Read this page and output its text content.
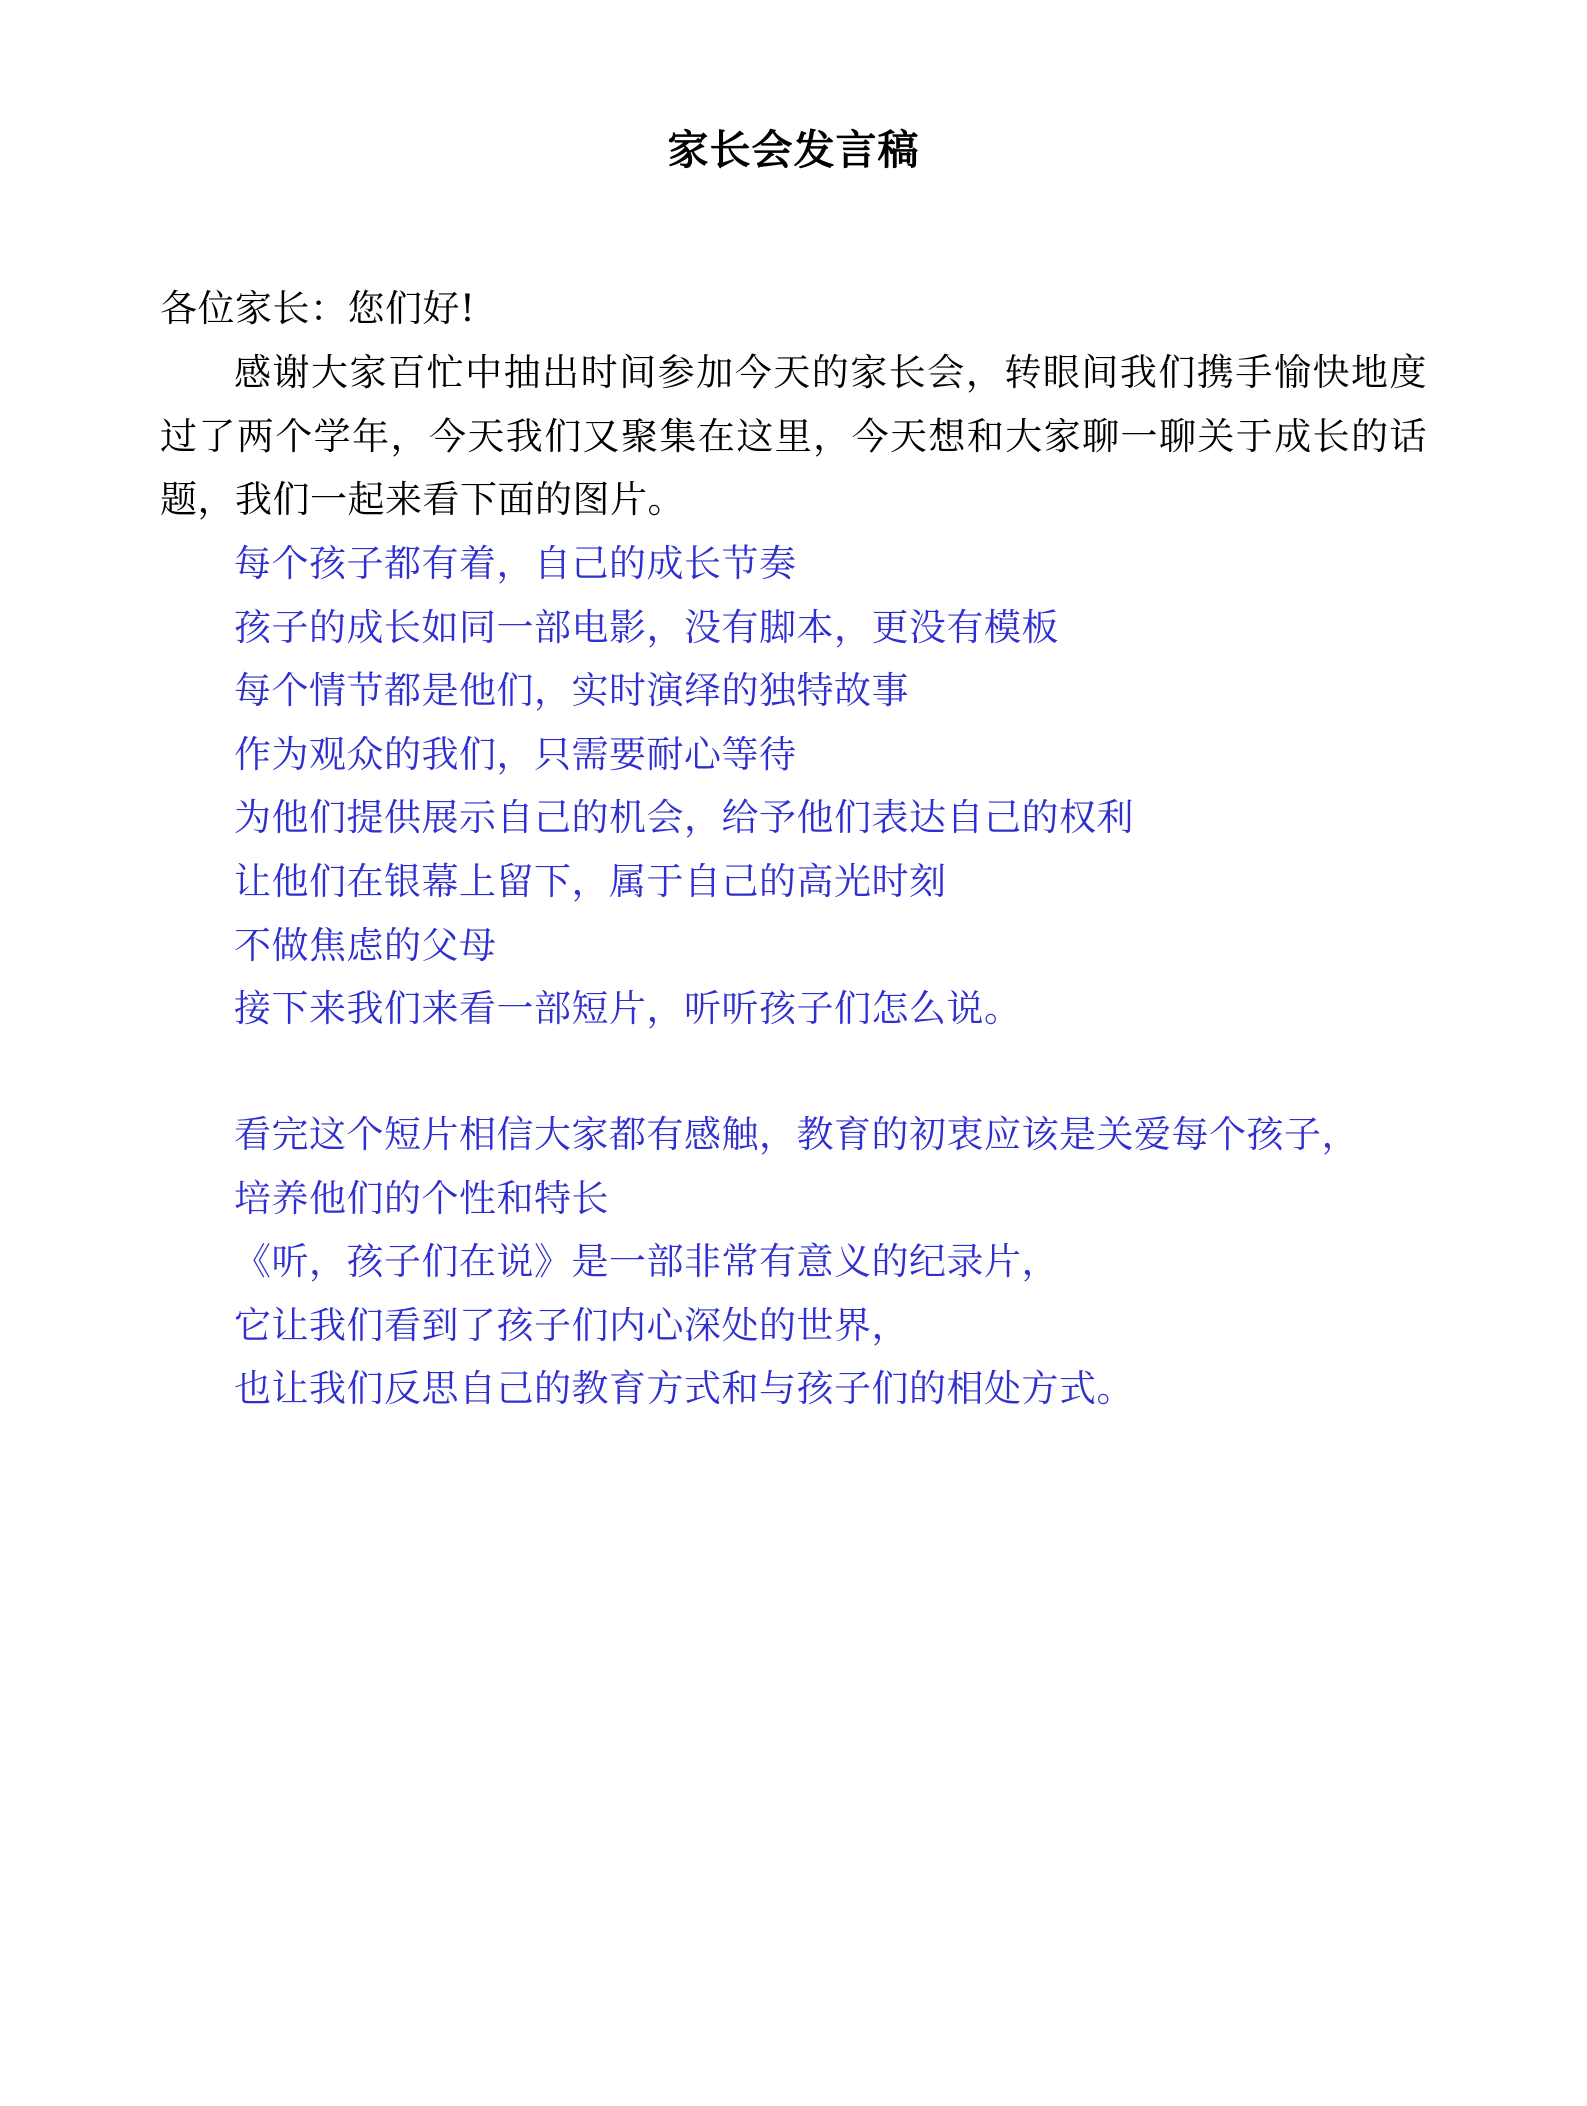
家长会发言稿

各位家长：您们好!

感谢大家百忙中抽出时间参加今天的家长会，转眼间我们携手愉快地度过了两个学年，今天我们又聚集在这里，今天想和大家聊一聊关于成长的话题，我们一起来看下面的图片。

每个孩子都有着，自己的成长节奏

孩子的成长如同一部电影，没有脚本，更没有模板

每个情节都是他们，实时演绎的独特故事

作为观众的我们，只需要耐心等待

为他们提供展示自己的机会，给予他们表达自己的权利

让他们在银幕上留下，属于自己的高光时刻

不做焦虑的父母

接下来我们来看一部短片，听听孩子们怎么说。

看完这个短片相信大家都有感触，教育的初衷应该是关爱每个孩子，

培养他们的个性和特长

《听，孩子们在说》是一部非常有意义的纪录片，

它让我们看到了孩子们内心深处的世界，

也让我们反思自己的教育方式和与孩子们的相处方式。
